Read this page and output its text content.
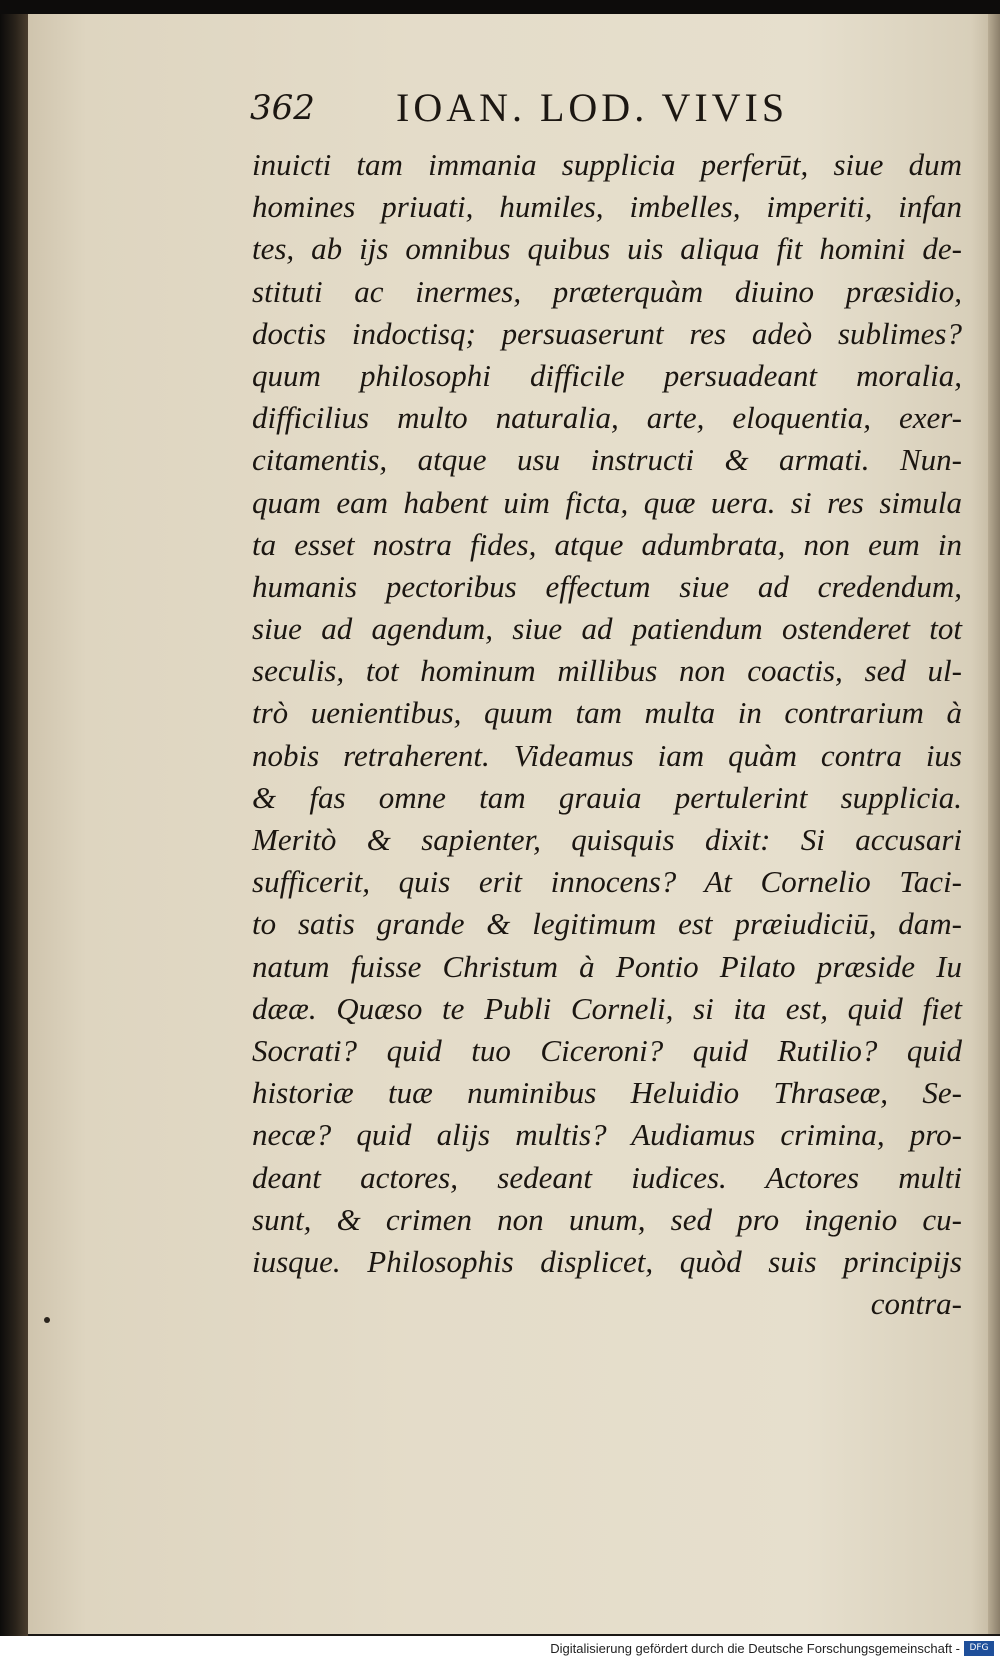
362 IOAN. LOD. VIVIS
inuicti tam immania supplicia perferūt, siue dum
homines priuati, humiles, imbelles, imperiti, infan
tes, ab ijs omnibus quibus uis aliqua fit homini de-
stituti ac inermes, præterquàm diuino præsidio,
doctis indoctisq; persuaserunt res adeò sublimes?
quum philosophi difficile persuadeant moralia,
difficilius multo naturalia, arte, eloquentia, exer-
citamentis, atque usu instructi & armati. Nun-
quam eam habent uim ficta, quæ uera. si res simula
ta esset nostra fides, atque adumbrata, non eum in
humanis pectoribus effectum siue ad credendum,
siue ad agendum, siue ad patiendum ostenderet tot
seculis, tot hominum millibus non coactis, sed ul-
trò uenientibus, quum tam multa in contrarium à
nobis retraherent. Videamus iam quàm contra ius
& fas omne tam grauia pertulerint supplicia.
Meritò & sapienter, quisquis dixit: Si accusari
sufficerit, quis erit innocens? At Cornelio Taci-
to satis grande & legitimum est præiudiciū, dam-
natum fuisse Christum à Pontio Pilato præside Iu
dææ. Quæso te Publi Corneli, si ita est, quid fiet
Socrati? quid tuo Ciceroni? quid Rutilio? quid
historiæ tuæ numinibus Heluidio Thraseæ, Se-
necæ? quid alijs multis? Audiamus crimina, pro-
deant actores, sedeant iudices. Actores multi
sunt, & crimen non unum, sed pro ingenio cu-
iusque. Philosophis displicet, quòd suis principijs
contra-
Digitalisierung gefördert durch die Deutsche Forschungsgemeinschaft -	DFG
